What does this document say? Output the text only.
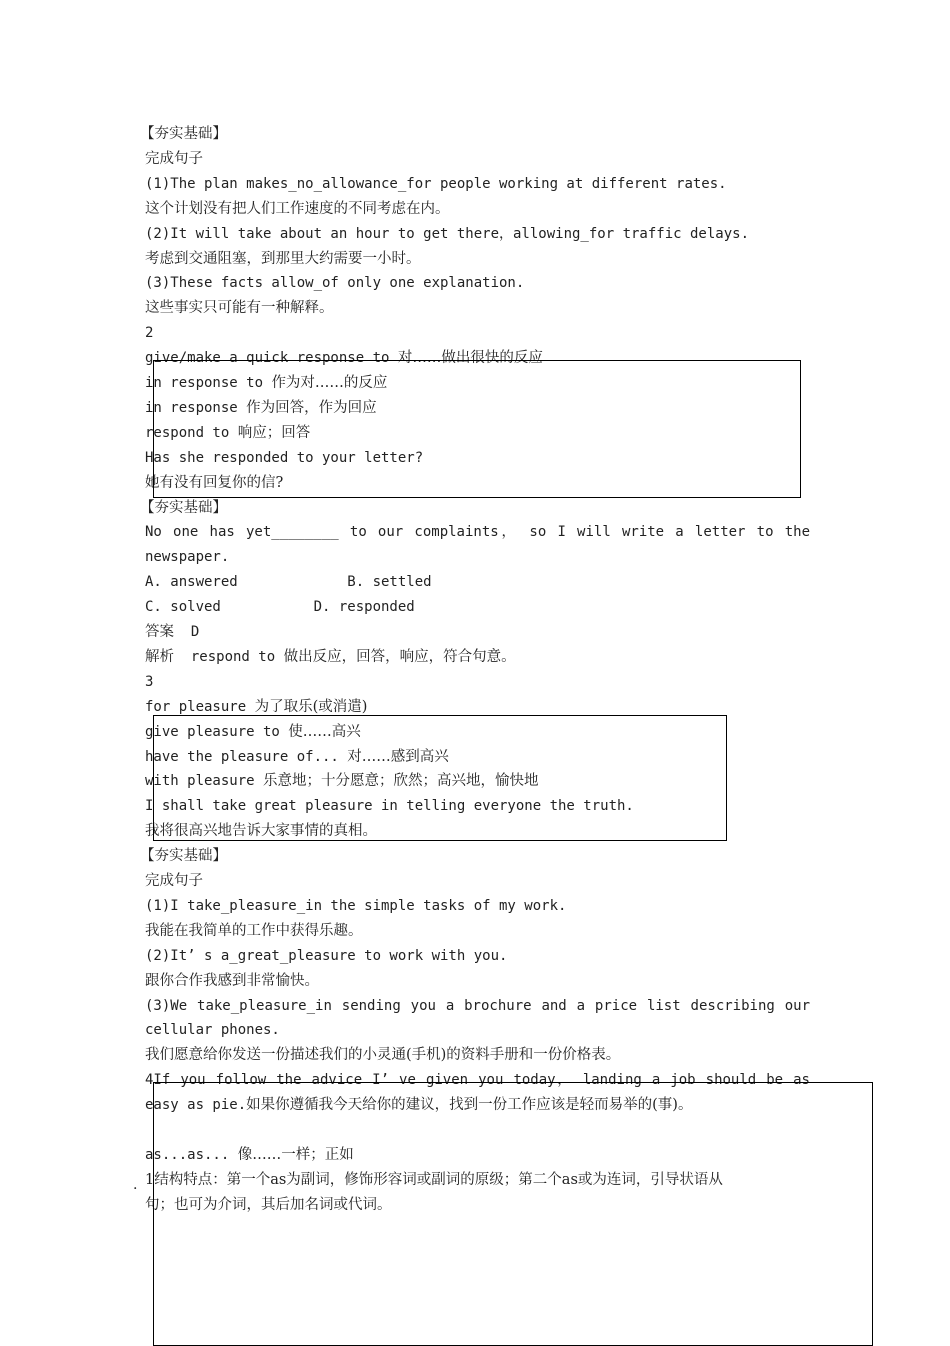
【夯实基础】
完成句子
(1)The plan makes_no_allowance_for people working at different rates.
这个计划没有把人们工作速度的不同考虑在内。
(2)It will take about an hour to get there，allowing_for traffic delays.
考虑到交通阻塞，到那里大约需要一小时。
(3)These facts allow_of only one explanation.
这些事实只可能有一种解释。
2
give/make a quick response to 对……做出很快的反应
in response to 作为对……的反应
in response 作为回答，作为回应
respond to 响应；回答
Has she responded to your letter?
她有没有回复你的信?
【夯实基础】
No one has yet________ to our complaints， so I will write a letter to the
newspaper.
A. answered             B. settled
C. solved           D. responded
答案  D
解析  respond to 做出反应，回答，响应，符合句意。
3
for pleasure 为了取乐(或消遣)
give pleasure to 使……高兴
have the pleasure of... 对……感到高兴
with pleasure 乐意地；十分愿意；欣然；高兴地，愉快地
I shall take great pleasure in telling everyone the truth.
我将很高兴地告诉大家事情的真相。
【夯实基础】
完成句子
(1)I take_pleasure_in the simple tasks of my work.
我能在我简单的工作中获得乐趣。
(2)It’ s a_great_pleasure to work with you.
跟你合作我感到非常愉快。
(3)We take_pleasure_in sending you a brochure and a price list describing our
cellular phones.
我们愿意给你发送一份描述我们的小灵通(手机)的资料手册和一份价格表。
4If you follow the advice I’ ve given you today， landing a job should be as
easy as pie.如果你遵循我今天给你的建议，找到一份工作应该是轻而易举的(事)。
as...as... 像……一样；正如
1结构特点：第一个as为副词，修饰形容词或副词的原级；第二个as或为连词，引导状语从
句；也可为介词，其后加名词或代词。
.
